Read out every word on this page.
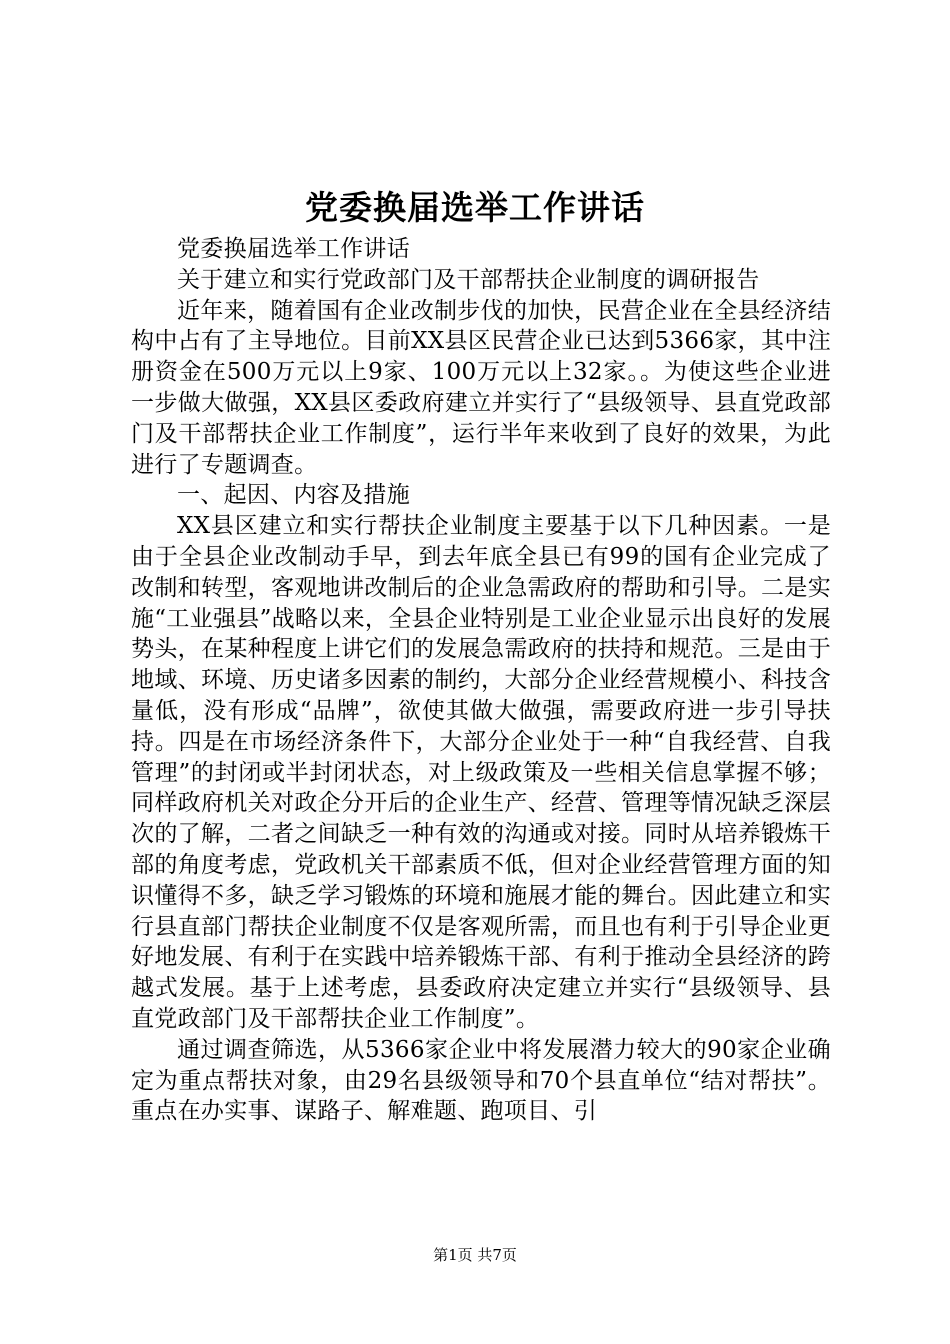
党委换届选举工作讲话

党委换届选举工作讲话

关于建立和实行党政部门及干部帮扶企业制度的调研报告

近年来，随着国有企业改制步伐的加快，民营企业在全县经济结构中占有了主导地位。目前XX县区民营企业已达到5366家，其中注册资金在500万元以上9家、100万元以上32家。。为使这些企业进一步做大做强，XX县区委政府建立并实行了“县级领导、县直党政部门及干部帮扶企业工作制度”，运行半年来收到了良好的效果，为此进行了专题调查。

一、起因、内容及措施

XX县区建立和实行帮扶企业制度主要基于以下几种因素。一是由于全县企业改制动手早，到去年底全县已有99的国有企业完成了改制和转型，客观地讲改制后的企业急需政府的帮助和引导。二是实施“工业强县”战略以来，全县企业特别是工业企业显示出良好的发展势头，在某种程度上讲它们的发展急需政府的扶持和规范。三是由于地域、环境、历史诸多因素的制约，大部分企业经营规模小、科技含量低，没有形成“品牌”，欲使其做大做强，需要政府进一步引导扶持。四是在市场经济条件下，大部分企业处于一种“自我经营、自我管理”的封闭或半封闭状态，对上级政策及一些相关信息掌握不够；同样政府机关对政企分开后的企业生产、经营、管理等情况缺乏深层次的了解，二者之间缺乏一种有效的沟通或对接。同时从培养锻炼干部的角度考虑，党政机关干部素质不低，但对企业经营管理方面的知识懂得不多，缺乏学习锻炼的环境和施展才能的舞台。因此建立和实行县直部门帮扶企业制度不仅是客观所需，而且也有利于引导企业更好地发展、有利于在实践中培养锻炼干部、有利于推动全县经济的跨越式发展。基于上述考虑，县委政府决定建立并实行“县级领导、县直党政部门及干部帮扶企业工作制度”。

通过调查筛选，从5366家企业中将发展潜力较大的90家企业确定为重点帮扶对象，由29名县级领导和70个县直单位“结对帮扶”。重点在办实事、谋路子、解难题、跑项目、引

第1页 共7页
